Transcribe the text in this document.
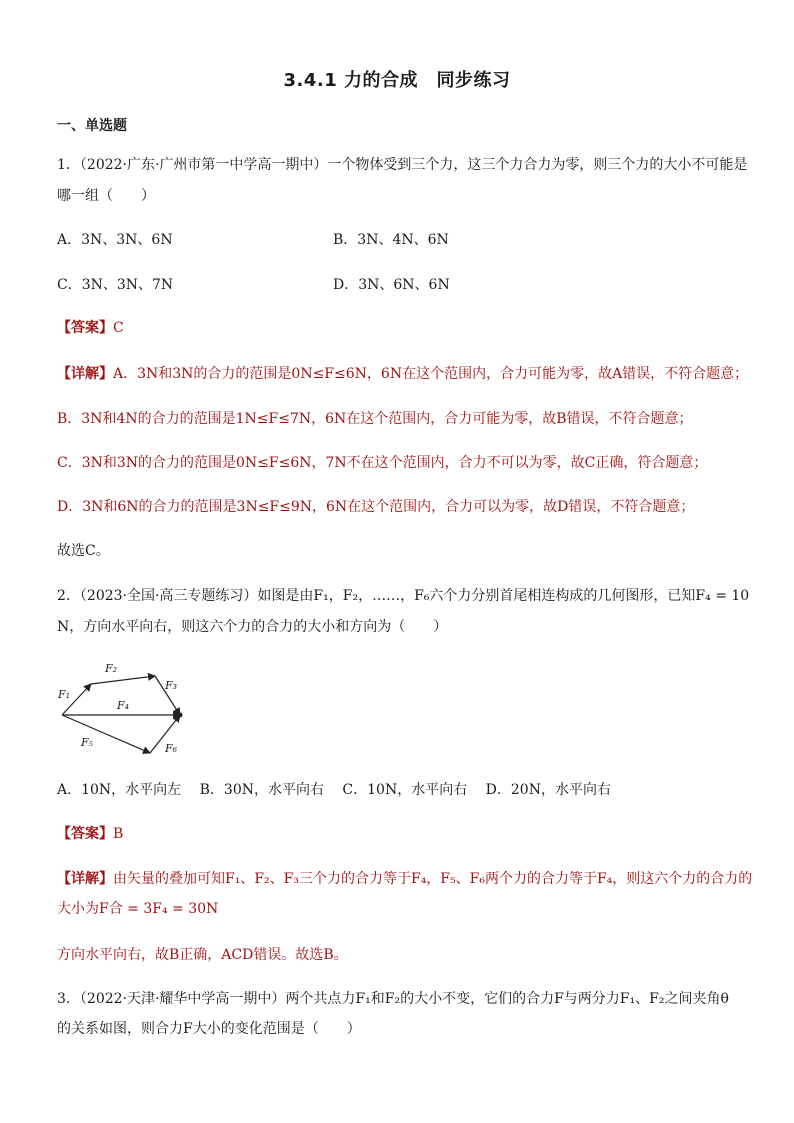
3.4.1 力的合成　同步练习
一、单选题
1．（2022·广东·广州市第一中学高一期中）一个物体受到三个力，这三个力合力为零，则三个力的大小不可能是
哪一组（　　）
A．3N、3N、6N	B．3N、4N、6N
C．3N、3N、7N	D．3N、6N、6N
【答案】C
【详解】A．3N和3N的合力的范围是0N≤F≤6N，6N在这个范围内，合力可能为零，故A错误，不符合题意；
B．3N和4N的合力的范围是1N≤F≤7N，6N在这个范围内，合力可能为零，故B错误，不符合题意；
C．3N和3N的合力的范围是0N≤F≤6N，7N不在这个范围内，合力不可以为零，故C正确，符合题意；
D．3N和6N的合力的范围是3N≤F≤9N，6N在这个范围内，合力可以为零，故D错误，不符合题意；
故选C。
2．（2023·全国·高三专题练习）如图是由F₁，F₂，……，F₆六个力分别首尾相连构成的几何图形，已知F₄ = 10
N，方向水平向右，则这六个力的合力的大小和方向为（　　）
F₁
F₂
F₃
F₄
F₅	F₆
A．10N，水平向左　 B．30N，水平向右　 C．10N，水平向右　 D．20N，水平向右
【答案】B
【详解】由矢量的叠加可知F₁、F₂、F₃三个力的合力等于F₄，F₅、F₆两个力的合力等于F₄，则这六个力的合力的
大小为F合 = 3F₄ = 30N
方向水平向右，故B正确，ACD错误。故选B。
3．（2022·天津·耀华中学高一期中）两个共点力F₁和F₂的大小不变，它们的合力F与两分力F₁、F₂之间夹角θ
的关系如图，则合力F大小的变化范围是（　　）
